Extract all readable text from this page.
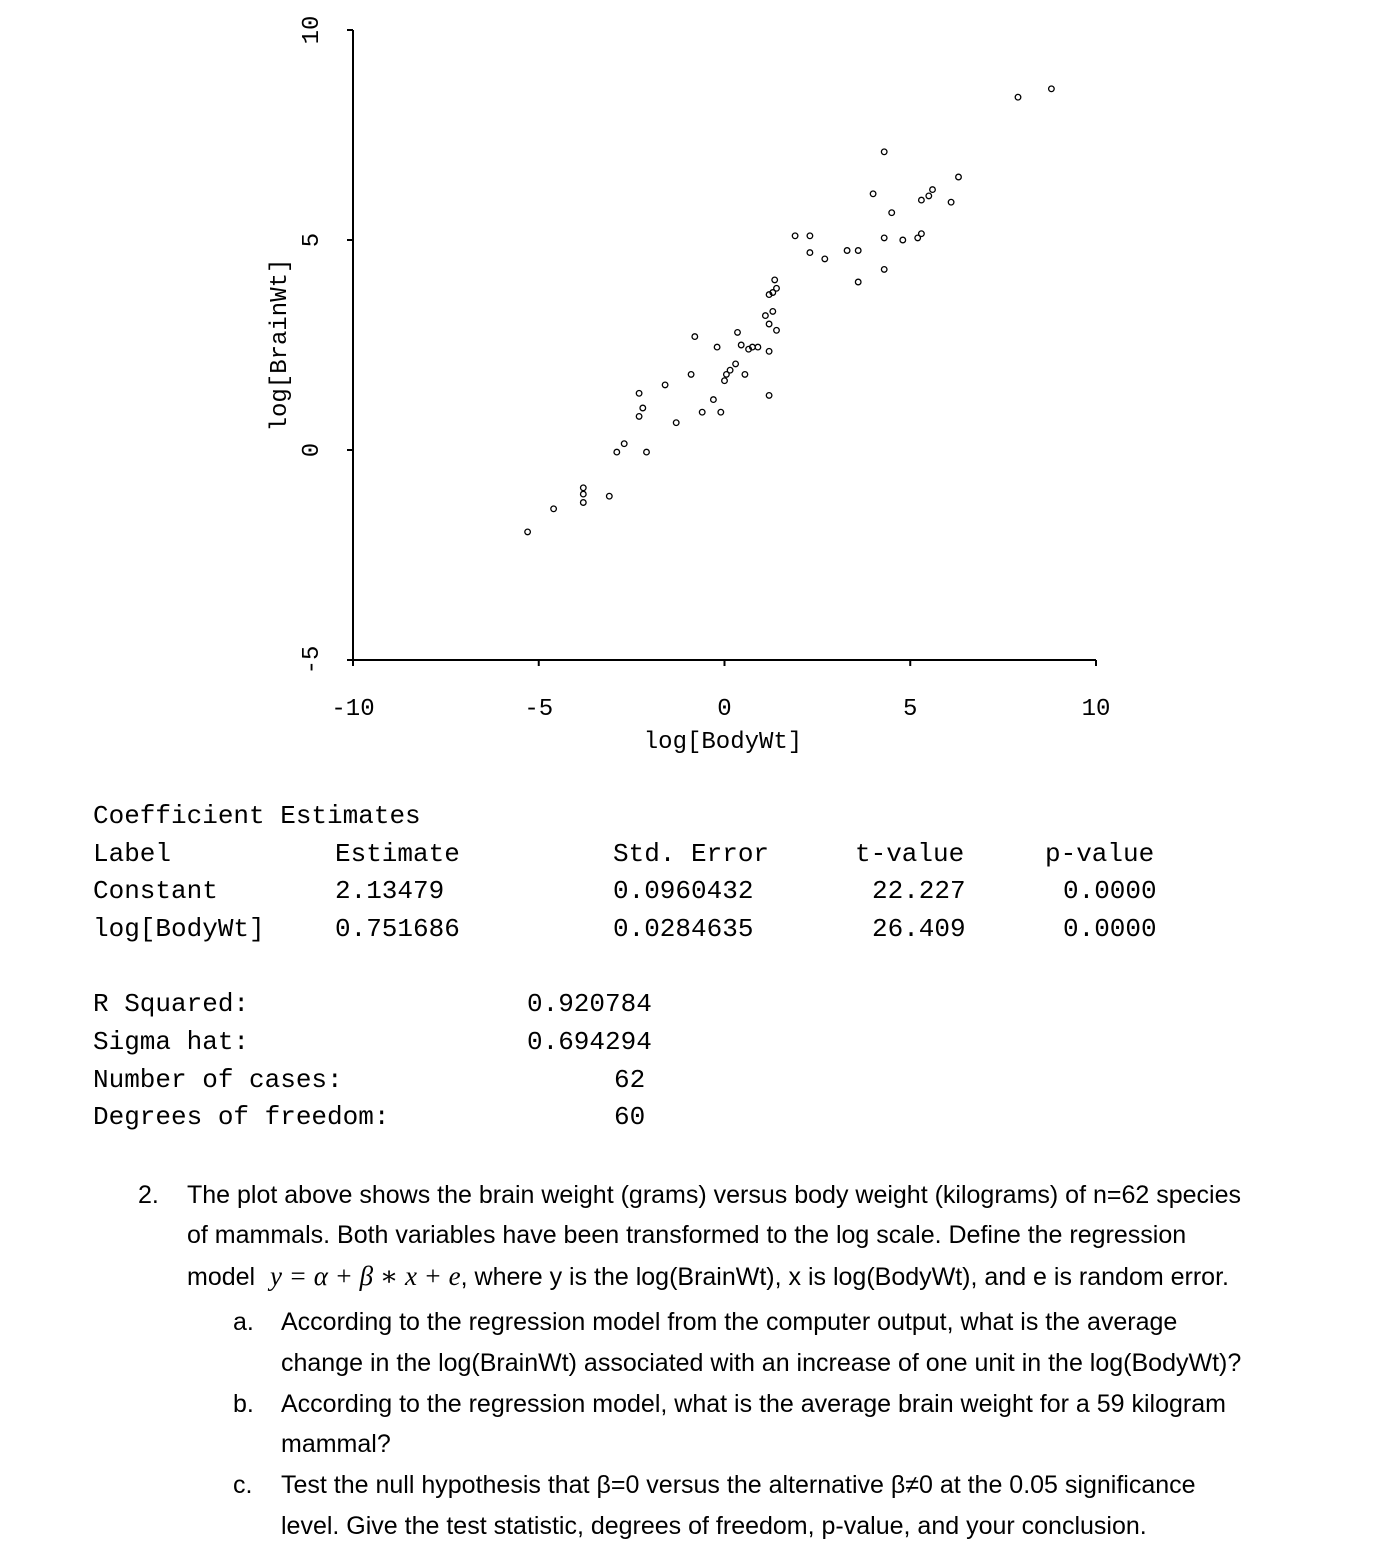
-5
0
5
10
-10	-5	0	5	10
log[BodyWt]
log[BrainWt]
Coefficient Estimates
Label	Estimate	Std. Error	t-value	p-value
Constant	2.13479	0.0960432	22.227	0.0000
log[BodyWt]	0.751686	0.0284635	26.409	0.0000
R Squared:	0.920784
Sigma hat:	0.694294
Number of cases:	62
Degrees of freedom:	60
2. The plot above shows the brain weight (grams) versus body weight (kilograms) of n=62 species
of mammals. Both variables have been transformed to the log scale. Define the regression
model y = α + β ∗ x + e, where y is the log(BrainWt), x is log(BodyWt), and e is random error.
a. According to the regression model from the computer output, what is the average
change in the log(BrainWt) associated with an increase of one unit in the log(BodyWt)?
b. According to the regression model, what is the average brain weight for a 59 kilogram
mammal?
c. Test the null hypothesis that β=0 versus the alternative β≠0 at the 0.05 significance
level. Give the test statistic, degrees of freedom, p-value, and your conclusion.
